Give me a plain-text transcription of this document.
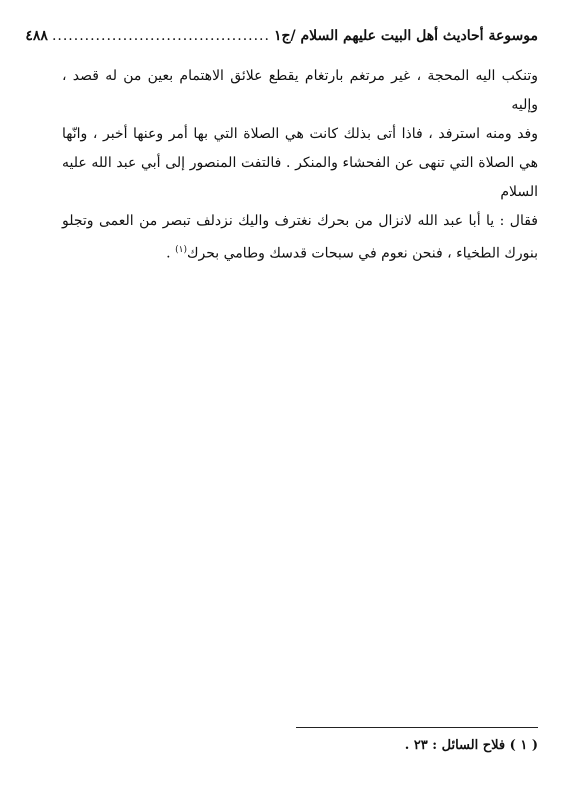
موسوعة أحاديث أهل البيت عليهم السلام /ج١
........................................
٤٨٨
وتنكب اليه المحجة ، غير مرتغم بارتغام يقطع علائق الاهتمام بعين من له قصد ، وإليه
وفد ومنه استرفد ، فاذا أتى بذلك كانت هي الصلاة التي بها أمر وعنها أخبر ، وانّها
هي الصلاة التي تنهى عن الفحشاء والمنكر . فالتفت المنصور إلى أبي عبد الله عليه السلام
فقال : يا أبا عبد الله لانزال من بحرك نغترف واليك نزدلف تبصر من العمى وتجلو
بنورك الطخياء ، فنحن نعوم في سبحات قدسك وطامي بحرك$^{(١)}$ .
( ١ ) فلاح السائل : ٢٣ .
